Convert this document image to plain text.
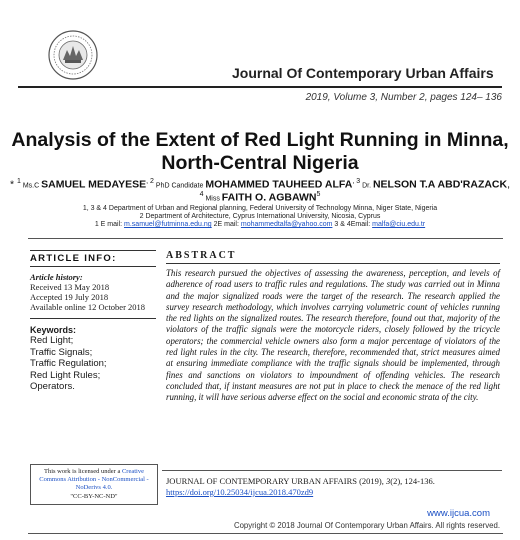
Journal Of Contemporary Urban Affairs
2019, Volume 3, Number 2, pages 124– 136
Analysis of the Extent of Red Light Running in Minna,
North-Central Nigeria
* $^1$ Ms.C SAMUEL $MEDAYESE^{, 2}$ PhD Candidate MOHAMMED TAUHEED $ALFA^{, 3}$ Dr. NELSON T.A ABD'RAZACK,
$^4$ Miss FAITH O. AGBAWN$^5$
1, 3 & 4 Department of Urban and Regional planning, Federal University of Technology Minna, Niger State, Nigeria
2 Department of Architecture, Cyprus International University, Nicosia, Cyprus
1 E mail: m.samuel@futminna.edu.ng 2E mail: mohammedtalfa@yahoo.com 3 & 4Email: malfa@ciu.edu.tr
ARTICLE INFO:
Article history:
Received 13 May 2018
Accepted 19 July 2018
Available online 12 October 2018
Keywords:
Red Light;
Traffic Signals;
Traffic Regulation;
Red Light Rules;
Operators.
This work is licensed under a Creative Commons Attribution - NonCommercial - NoDerivs 4.0.
"CC-BY-NC-ND"
ABSTRACT
This research pursued the objectives of assessing the awareness, perception, and levels of adherence of road users to traffic rules and regulations. The study was carried out in Minna and the major signalized roads were the target of the research. The research applied the survey research methodology, which involves carrying volumetric count of vehicles running the red lights on the signalized routes. The research therefore, found out that, majority of the violators of the traffic signals were the motorcycle riders, closely followed by the tricycle operators; the commercial vehicle owners also form a major percentage of violators of the red light rules in the city. The research, therefore, recommended that, strict measures aimed at ensuring immediate compliance with the traffic signals should be implemented, through fines and sanctions on violators to impoundment of offending vehicles. The research concluded that, if instant measures are not put in place to check the menace of the red light running, it will have serious adverse effect on the social and economic strata of the city.
JOURNAL OF CONTEMPORARY URBAN AFFAIRS (2019), 3(2), 124-136.
https://doi.org/10.25034/ijcua.2018.470zd9
www.ijcua.com
Copyright © 2018 Journal Of Contemporary Urban Affairs. All rights reserved.
